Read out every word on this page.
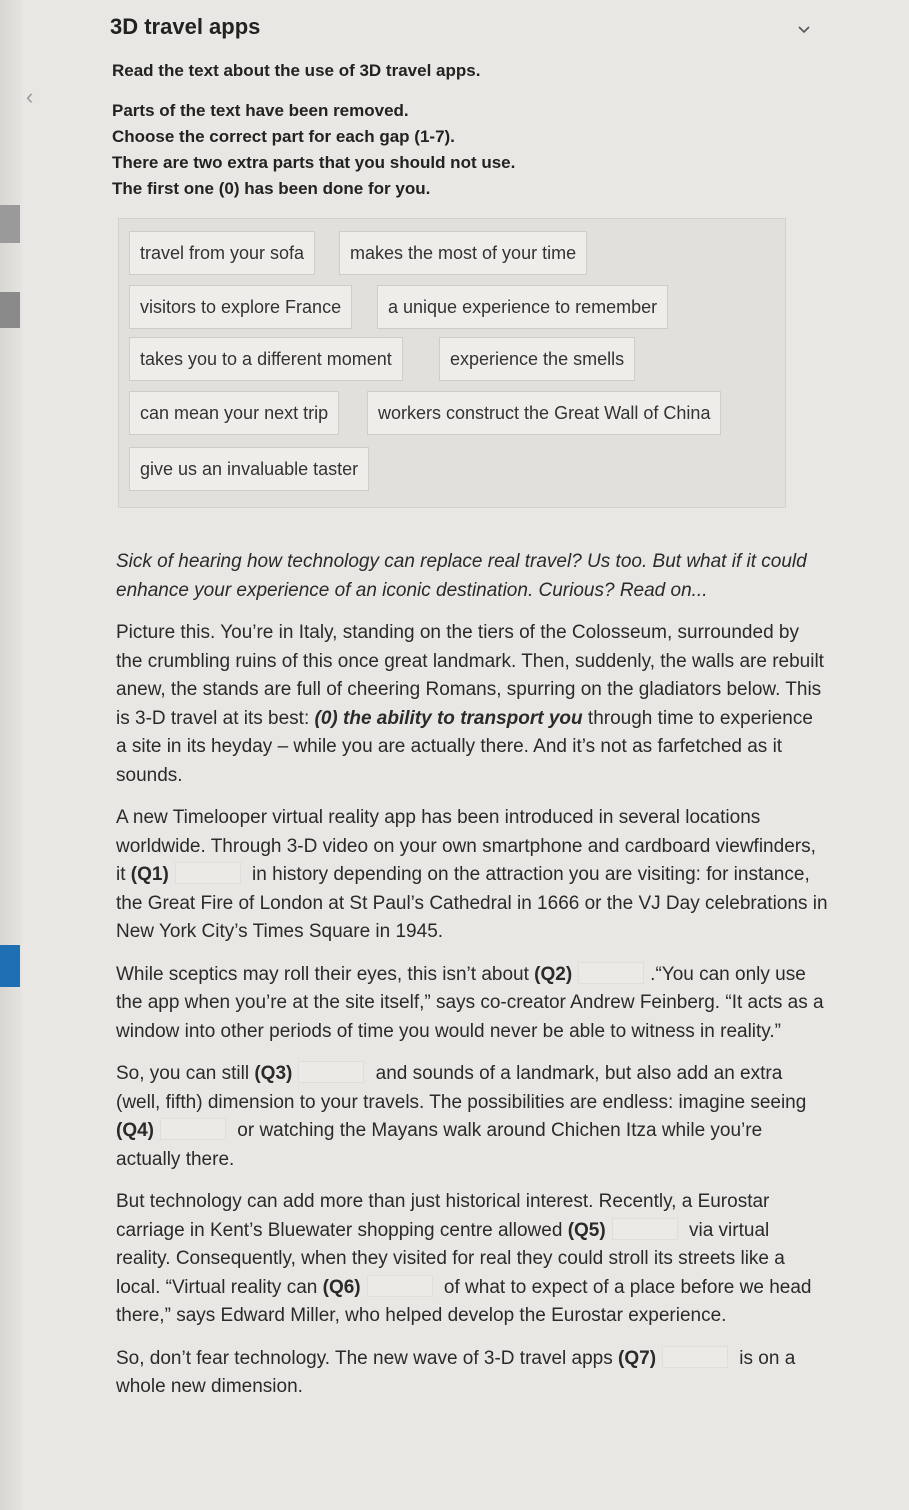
‹
3D travel apps

Read the text about the use of 3D travel apps.

Parts of the text have been removed.

Choose the correct part for each gap (1-7).

There are two extra parts that you should not use.

The first one (0) has been done for you.

travel from your sofa	makes the most of your time
visitors to explore France	a unique experience to remember
takes you to a different moment	experience the smells
can mean your next trip	workers construct the Great Wall of China
give us an invaluable taster

Sick of hearing how technology can replace real travel? Us too. But what if it could enhance your experience of an iconic destination. Curious? Read on...

Picture this. You’re in Italy, standing on the tiers of the Colosseum, surrounded by the crumbling ruins of this once great landmark. Then, suddenly, the walls are rebuilt anew, the stands are full of cheering Romans, spurring on the gladiators below. This is 3-D travel at its best: (0) the ability to transport you through time to experience a site in its heyday – while you are actually there. And it’s not as farfetched as it sounds.

A new Timelooper virtual reality app has been introduced in several locations worldwide. Through 3-D video on your own smartphone and cardboard viewfinders, it (Q1)	in history depending on the attraction you are visiting: for instance, the Great Fire of London at St Paul’s Cathedral in 1666 or the VJ Day celebrations in New York City’s Times Square in 1945.

While sceptics may roll their eyes, this isn’t about (Q2)	.“You can only use the app when you’re at the site itself,” says co-creator Andrew Feinberg. “It acts as a window into other periods of time you would never be able to witness in reality.”

So, you can still (Q3)	and sounds of a landmark, but also add an extra (well, fifth) dimension to your travels. The possibilities are endless: imagine seeing (Q4)	or watching the Mayans walk around Chichen Itza while you’re actually there.

But technology can add more than just historical interest. Recently, a Eurostar carriage in Kent’s Bluewater shopping centre allowed (Q5)	via virtual reality. Consequently, when they visited for real they could stroll its streets like a local. “Virtual reality can (Q6)	of what to expect of a place before we head there,” says Edward Miller, who helped develop the Eurostar experience.

So, don’t fear technology. The new wave of 3-D travel apps (Q7)	is on a whole new dimension.
